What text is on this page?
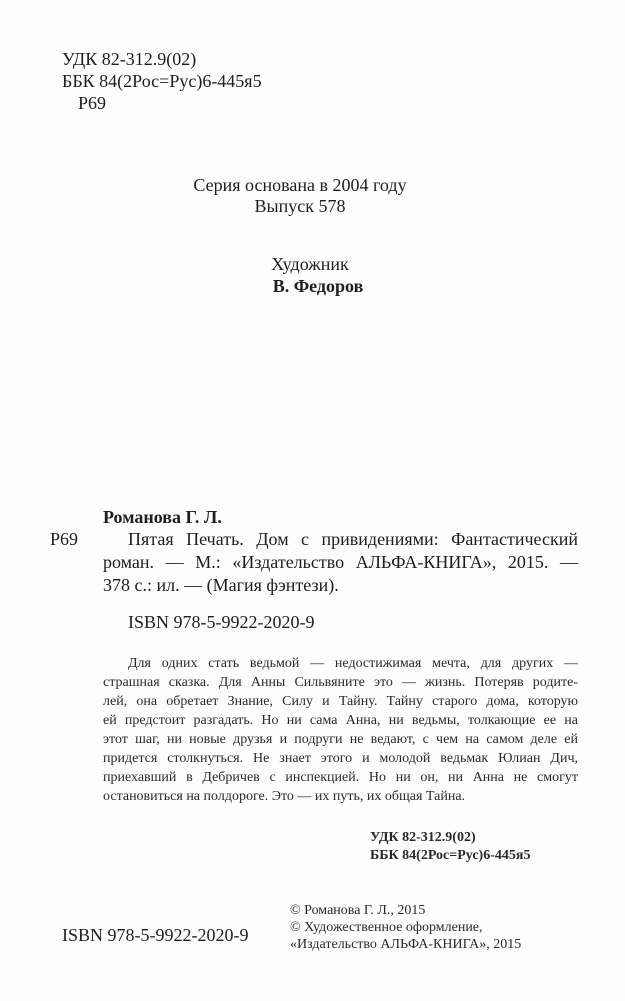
УДК 82-312.9(02)
ББК 84(2Рос=Рус)6-445я5
Р69
Серия основана в 2004 году
Выпуск 578
Художник
В. Федоров
Романова Г. Л.
Р69	Пятая Печать. Дом с привидениями: Фантастический
роман. — М.: «Издательство АЛЬФА-КНИГА», 2015. —
378 с.: ил. — (Магия фэнтези).
ISBN 978-5-9922-2020-9
Для одних стать ведьмой — недостижимая мечта, для других —
страшная сказка. Для Анны Сильвяните это — жизнь. Потеряв родите-
лей, она обретает Знание, Силу и Тайну. Тайну старого дома, которую
ей предстоит разгадать. Но ни сама Анна, ни ведьмы, толкающие ее на
этот шаг, ни новые друзья и подруги не ведают, с чем на самом деле ей
придется столкнуться. Не знает этого и молодой ведьмак Юлиан Дич,
приехавший в Дебричев с инспекцией. Но ни он, ни Анна не смогут
остановиться на полдороге. Это — их путь, их общая Тайна.
УДК 82-312.9(02)
ББК 84(2Рос=Рус)6-445я5
© Романова Г. Л., 2015
© Художественное оформление,
«Издательство АЛЬФА-КНИГА», 2015
ISBN 978-5-9922-2020-9
